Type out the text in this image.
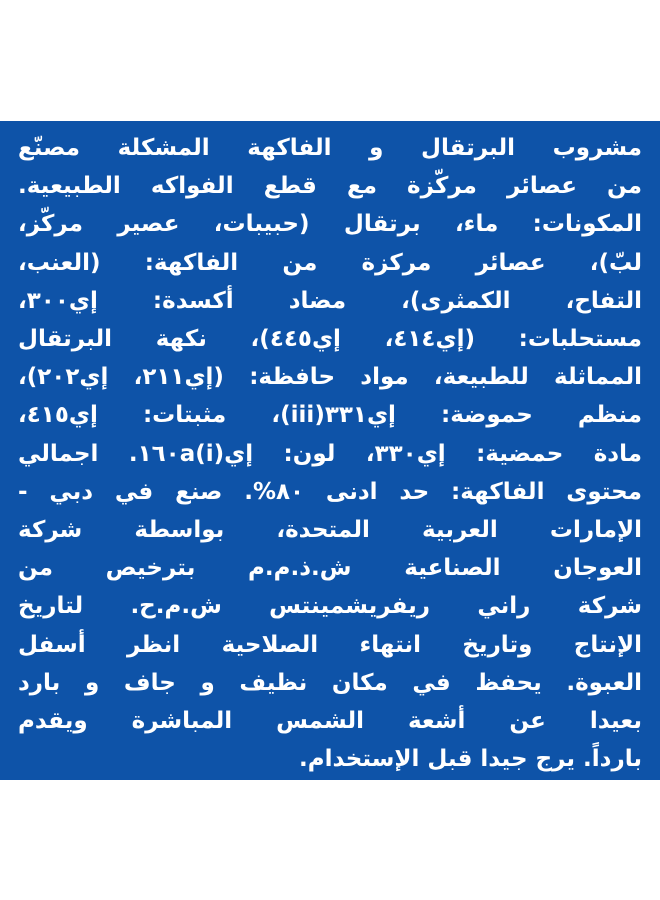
مشروب البرتقال و الفاكهة المشكلة مصنّع
من عصائر مركّزة مع قطع الفواكه الطبيعية.
المكونات: ماء، برتقال (حبيبات، عصير مركّز،
لبّ)، عصائر مركزة من الفاكهة: (العنب،
التفاح، الكمثرى)، مضاد أكسدة: إي٣٠٠،
مستحلبات: (إي٤١٤، إي٤٤٥)، نكهة البرتقال
المماثلة للطبيعة، مواد حافظة: (إي٢١١، إي٢٠٢)،
منظم حموضة: إي٣٣١(iii)، مثبتات: إي٤١٥،
مادة حمضية: إي٣٣٠، لون: إي١٦٠a(i). اجمالي
محتوى الفاكهة: حد ادنى ٨٠%. صنع في دبي -
الإمارات العربية المتحدة، بواسطة شركة
العوجان الصناعية ش.ذ.م.م بترخيص من
شركة راني ريفريشمينتس ش.م.ح. لتاريخ
الإنتاج وتاريخ انتهاء الصلاحية انظر أسفل
العبوة. يحفظ في مكان نظيف و جاف و بارد
بعيدا عن أشعة الشمس المباشرة ويقدم
بارداً. يرج جيدا قبل الإستخدام.
